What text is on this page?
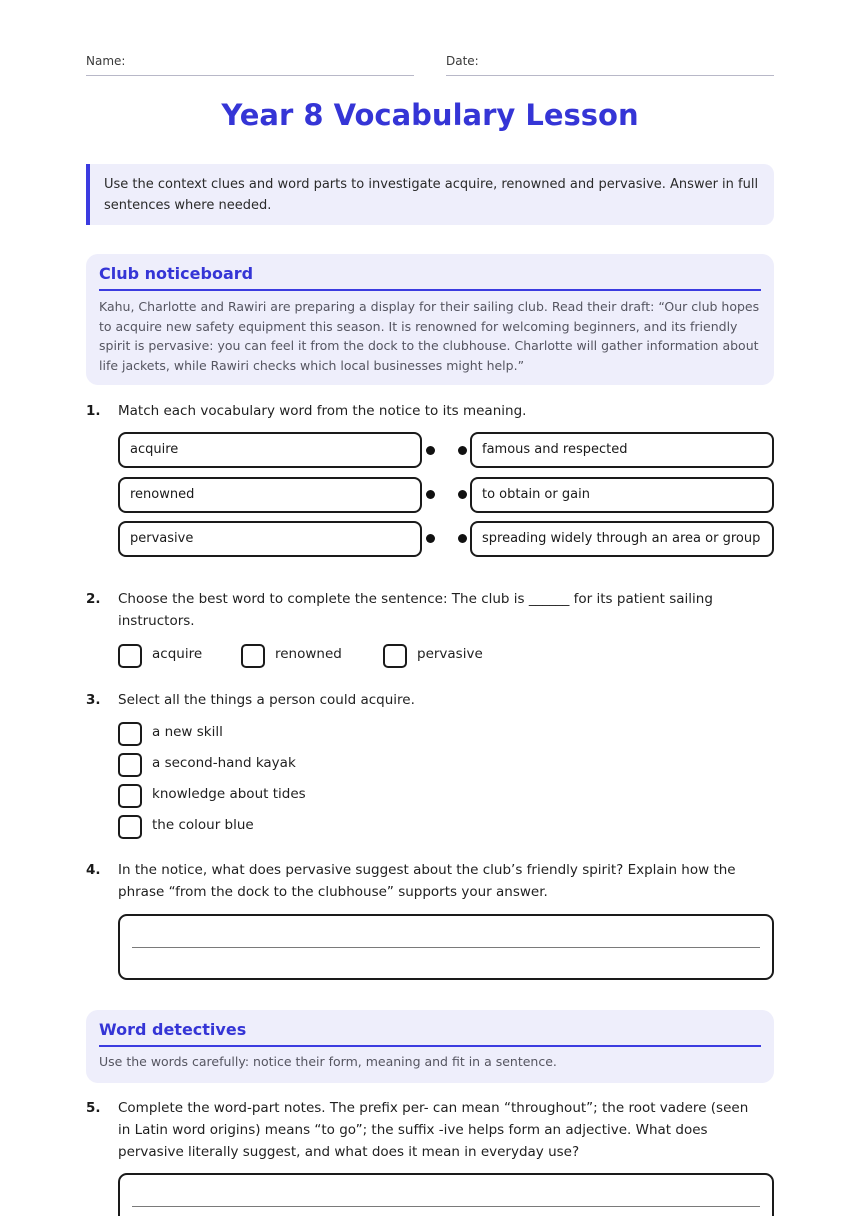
Name:	Date:
Year 8 Vocabulary Lesson
Use the context clues and word parts to investigate acquire, renowned and pervasive. Answer in full sentences where needed.
Club noticeboard
Kahu, Charlotte and Rawiri are preparing a display for their sailing club. Read their draft: “Our club hopes to acquire new safety equipment this season. It is renowned for welcoming beginners, and its friendly spirit is pervasive: you can feel it from the dock to the clubhouse. Charlotte will gather information about life jackets, while Rawiri checks which local businesses might help.”
1. Match each vocabulary word from the notice to its meaning.
acquire
renowned
pervasive
famous and respected
to obtain or gain
spreading widely through an area or group
2. Choose the best word to complete the sentence: The club is ______ for its patient sailing instructors.
acquire	renowned	pervasive
3. Select all the things a person could acquire.
a new skill
a second-hand kayak
knowledge about tides
the colour blue
4. In the notice, what does pervasive suggest about the club’s friendly spirit? Explain how the phrase “from the dock to the clubhouse” supports your answer.
Word detectives
Use the words carefully: notice their form, meaning and fit in a sentence.
5. Complete the word-part notes. The prefix per- can mean “throughout”; the root vadere (seen in Latin word origins) means “to go”; the suffix -ive helps form an adjective. What does pervasive literally suggest, and what does it mean in everyday use?
